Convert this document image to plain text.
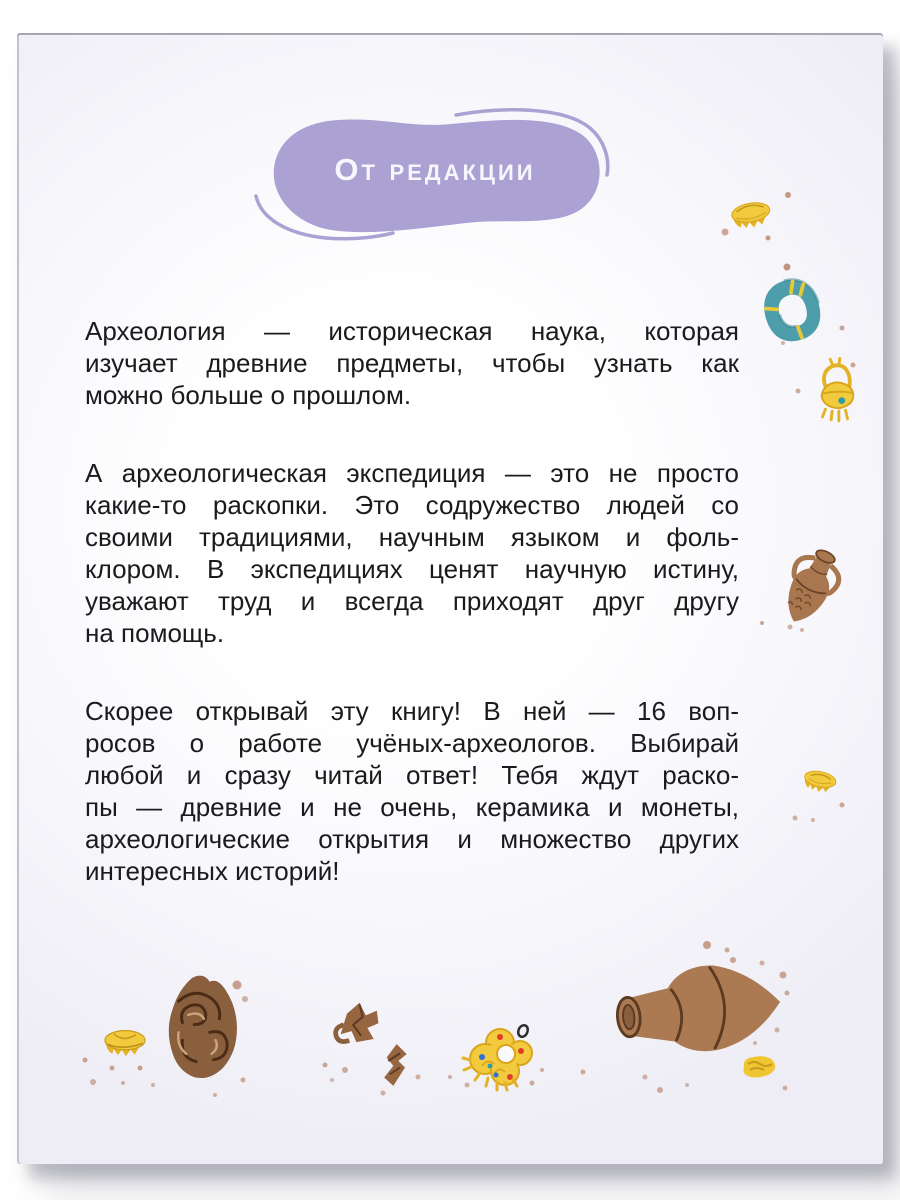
От редакции
Археология — историческая наука, которая
изучает древние предметы, чтобы узнать как
можно больше о прошлом.
А археологическая экспедиция — это не просто
какие-то раскопки. Это содружество людей со
своими традициями, научным языком и фоль-
клором. В экспедициях ценят научную истину,
уважают труд и всегда приходят друг другу
на помощь.
Скорее открывай эту книгу! В ней — 16 воп-
росов о работе учёных-археологов. Выбирай
любой и сразу читай ответ! Тебя ждут раско-
пы — древние и не очень, керамика и монеты,
археологические открытия и множество других
интересных историй!
